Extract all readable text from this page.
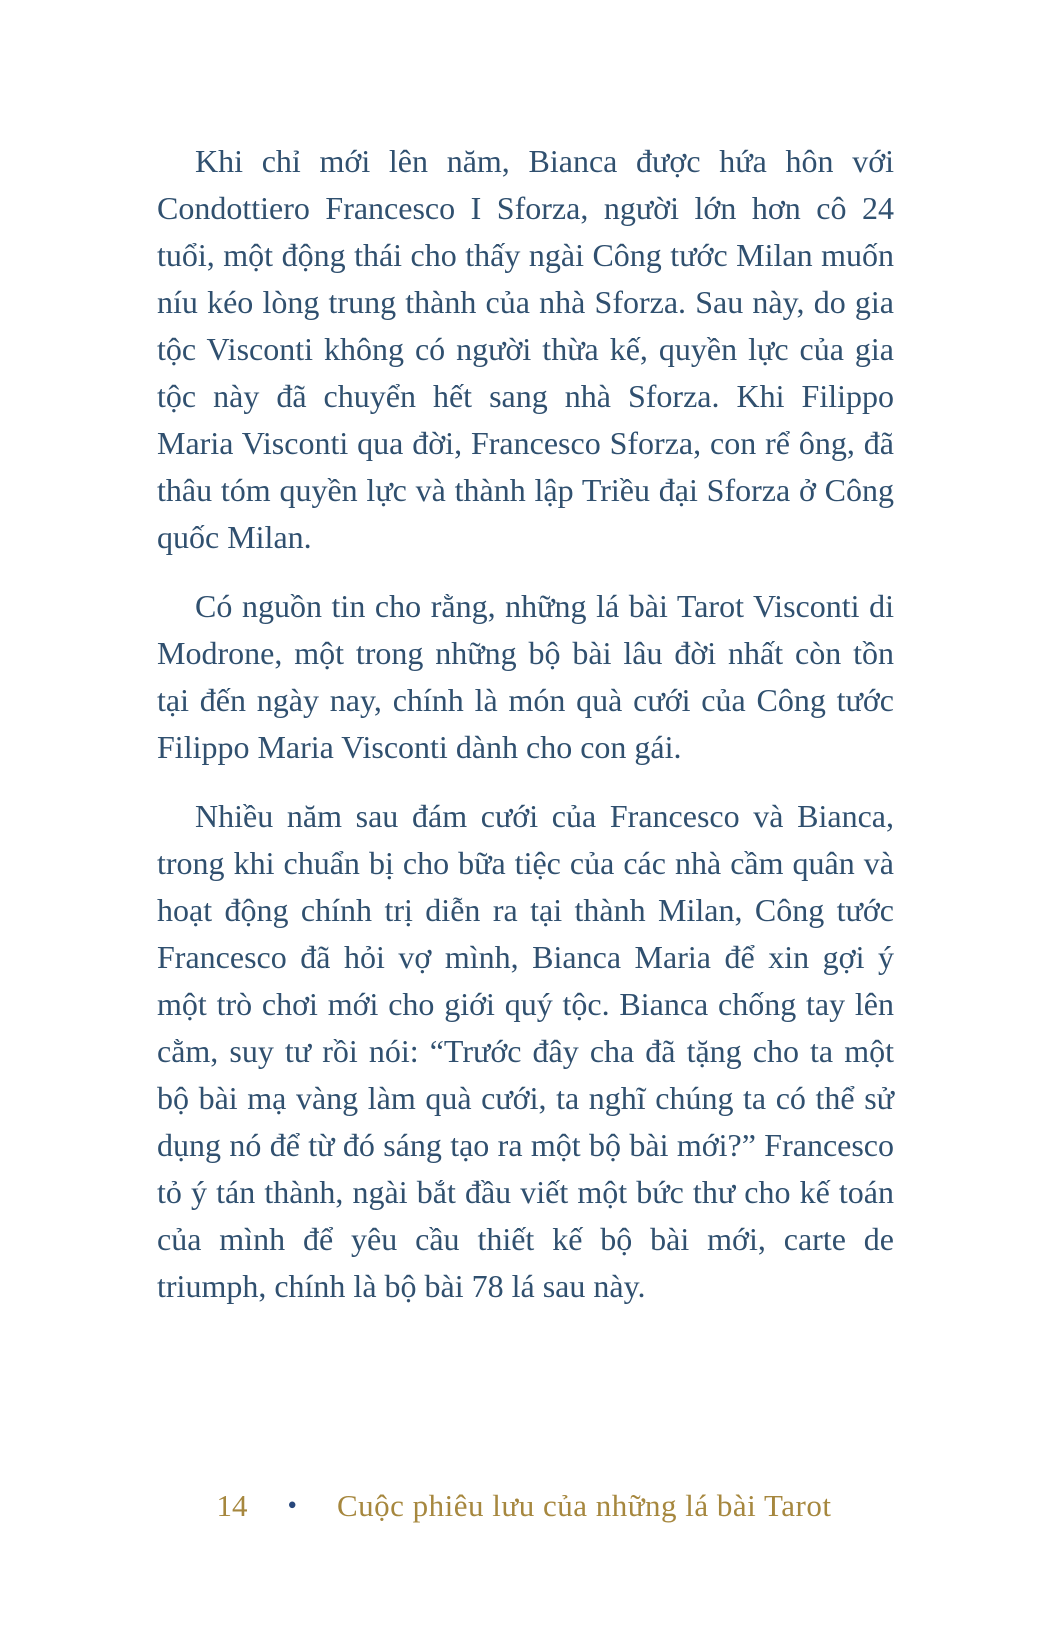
Khi chỉ mới lên năm, Bianca được hứa hôn với Condottiero Francesco I Sforza, người lớn hơn cô 24 tuổi, một động thái cho thấy ngài Công tước Milan muốn níu kéo lòng trung thành của nhà Sforza. Sau này, do gia tộc Visconti không có người thừa kế, quyền lực của gia tộc này đã chuyển hết sang nhà Sforza. Khi Filippo Maria Visconti qua đời, Francesco Sforza, con rể ông, đã thâu tóm quyền lực và thành lập Triều đại Sforza ở Công quốc Milan.

Có nguồn tin cho rằng, những lá bài Tarot Visconti di Modrone, một trong những bộ bài lâu đời nhất còn tồn tại đến ngày nay, chính là món quà cưới của Công tước Filippo Maria Visconti dành cho con gái.

Nhiều năm sau đám cưới của Francesco và Bianca, trong khi chuẩn bị cho bữa tiệc của các nhà cầm quân và hoạt động chính trị diễn ra tại thành Milan, Công tước Francesco đã hỏi vợ mình, Bianca Maria để xin gợi ý một trò chơi mới cho giới quý tộc. Bianca chống tay lên cằm, suy tư rồi nói: “Trước đây cha đã tặng cho ta một bộ bài mạ vàng làm quà cưới, ta nghĩ chúng ta có thể sử dụng nó để từ đó sáng tạo ra một bộ bài mới?” Francesco tỏ ý tán thành, ngài bắt đầu viết một bức thư cho kế toán của mình để yêu cầu thiết kế bộ bài mới, carte de triumph, chính là bộ bài 78 lá sau này.

14 • Cuộc phiêu lưu của những lá bài Tarot
